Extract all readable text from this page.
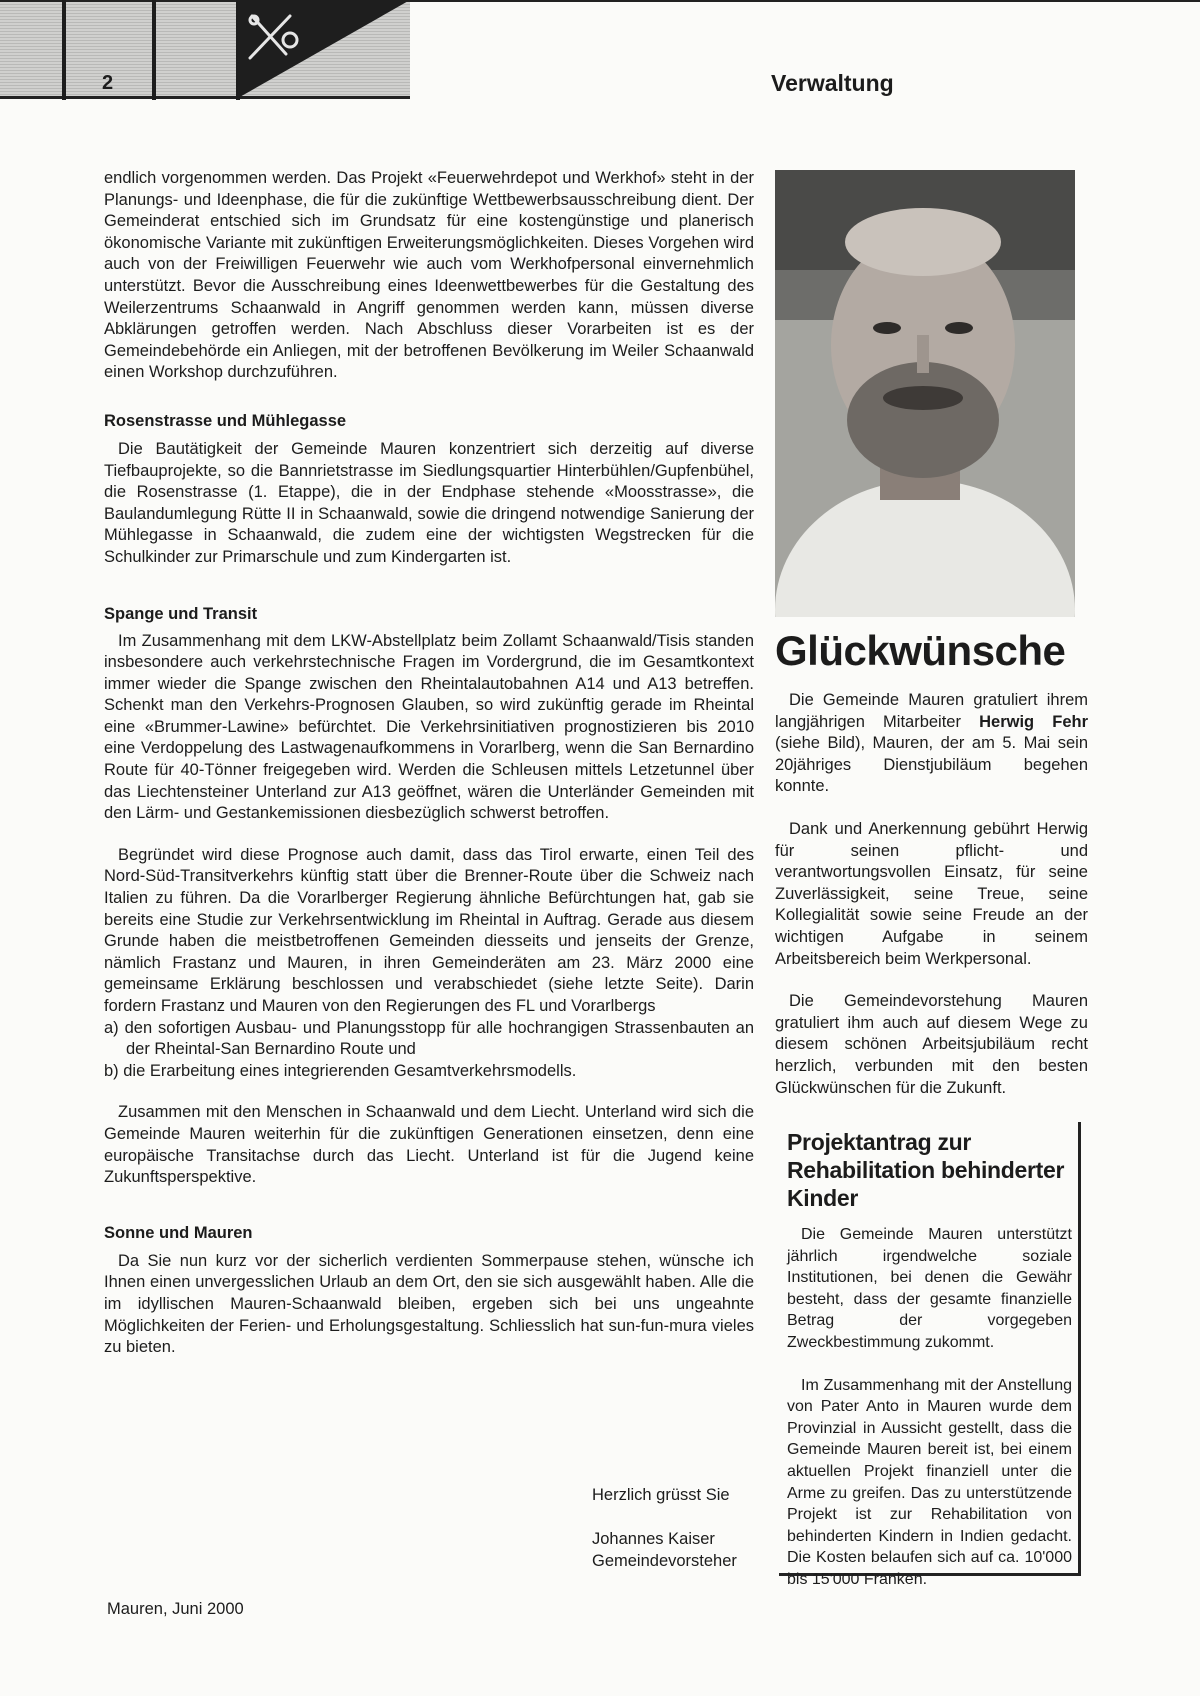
2	Verwaltung

endlich vorgenommen werden. Das Projekt «Feuerwehrdepot und Werkhof» steht in der Planungs- und Ideenphase, die für die zukünftige Wettbewerbsausschreibung dient. Der Gemeinderat entschied sich im Grundsatz für eine kostengünstige und planerisch ökonomische Variante mit zukünftigen Erweiterungsmöglichkeiten. Dieses Vorgehen wird auch von der Freiwilligen Feuerwehr wie auch vom Werkhofpersonal einvernehmlich unterstützt. Bevor die Ausschreibung eines Ideenwettbewerbes für die Gestaltung des Weilerzentrums Schaanwald in Angriff genommen werden kann, müssen diverse Abklärungen getroffen werden. Nach Abschluss dieser Vorarbeiten ist es der Gemeindebehörde ein Anliegen, mit der betroffenen Bevölkerung im Weiler Schaanwald einen Workshop durchzuführen.

Rosenstrasse und Mühlegasse

Die Bautätigkeit der Gemeinde Mauren konzentriert sich derzeitig auf diverse Tiefbauprojekte, so die Bannrietstrasse im Siedlungsquartier Hinterbühlen/Gupfenbühel, die Rosenstrasse (1. Etappe), die in der Endphase stehende «Moosstrasse», die Baulandumlegung Rütte II in Schaanwald, sowie die dringend notwendige Sanierung der Mühlegasse in Schaanwald, die zudem eine der wichtigsten Wegstrecken für die Schulkinder zur Primarschule und zum Kindergarten ist.

Spange und Transit

Im Zusammenhang mit dem LKW-Abstellplatz beim Zollamt Schaanwald/Tisis standen insbesondere auch verkehrstechnische Fragen im Vordergrund, die im Gesamtkontext immer wieder die Spange zwischen den Rheintalautobahnen A14 und A13 betreffen. Schenkt man den Verkehrs-Prognosen Glauben, so wird zukünftig gerade im Rheintal eine «Brummer-Lawine» befürchtet. Die Verkehrsinitiativen prognostizieren bis 2010 eine Verdoppelung des Lastwagenaufkommens in Vorarlberg, wenn die San Bernardino Route für 40-Tönner freigegeben wird. Werden die Schleusen mittels Letzetunnel über das Liechtensteiner Unterland zur A13 geöffnet, wären die Unterländer Gemeinden mit den Lärm- und Gestankemissionen diesbezüglich schwerst betroffen.

Begründet wird diese Prognose auch damit, dass das Tirol erwarte, einen Teil des Nord-Süd-Transitverkehrs künftig statt über die Brenner-Route über die Schweiz nach Italien zu führen. Da die Vorarlberger Regierung ähnliche Befürchtungen hat, gab sie bereits eine Studie zur Verkehrsentwicklung im Rheintal in Auftrag. Gerade aus diesem Grunde haben die meistbetroffenen Gemeinden diesseits und jenseits der Grenze, nämlich Frastanz und Mauren, in ihren Gemeinderäten am 23. März 2000 eine gemeinsame Erklärung beschlossen und verabschiedet (siehe letzte Seite). Darin fordern Frastanz und Mauren von den Regierungen des FL und Vorarlbergs

a) den sofortigen Ausbau- und Planungsstopp für alle hochrangigen Strassenbauten an der Rheintal-San Bernardino Route und
b) die Erarbeitung eines integrierenden Gesamtverkehrsmodells.

Zusammen mit den Menschen in Schaanwald und dem Liecht. Unterland wird sich die Gemeinde Mauren weiterhin für die zukünftigen Generationen einsetzen, denn eine europäische Transitachse durch das Liecht. Unterland ist für die Jugend keine Zukunftsperspektive.

Sonne und Mauren

Da Sie nun kurz vor der sicherlich verdienten Sommerpause stehen, wünsche ich Ihnen einen unvergesslichen Urlaub an dem Ort, den sie sich ausgewählt haben. Alle die im idyllischen Mauren-Schaanwald bleiben, ergeben sich bei uns ungeahnte Möglichkeiten der Ferien- und Erholungsgestaltung. Schliesslich hat sun-fun-mura vieles zu bieten.

Herzlich grüsst Sie
Johannes Kaiser
Gemeindevorsteher
Mauren, Juni 2000
Glückwünsche

Die Gemeinde Mauren gratuliert ihrem langjährigen Mitarbeiter Herwig Fehr (siehe Bild), Mauren, der am 5. Mai sein 20jähriges Dienstjubiläum begehen konnte.

Dank und Anerkennung gebührt Herwig für seinen pflicht- und verantwortungsvollen Einsatz, für seine Zuverlässigkeit, seine Treue, seine Kollegialität sowie seine Freude an der wichtigen Aufgabe in seinem Arbeitsbereich beim Werkpersonal.

Die Gemeindevorstehung Mauren gratuliert ihm auch auf diesem Wege zu diesem schönen Arbeitsjubiläum recht herzlich, verbunden mit den besten Glückwünschen für die Zukunft.

Projektantrag zur Rehabilitation behinderter Kinder

Die Gemeinde Mauren unterstützt jährlich irgendwelche soziale Institutionen, bei denen die Gewähr besteht, dass der gesamte finanzielle Betrag der vorgegeben Zweckbestimmung zukommt.

Im Zusammenhang mit der Anstellung von Pater Anto in Mauren wurde dem Provinzial in Aussicht gestellt, dass die Gemeinde Mauren bereit ist, bei einem aktuellen Projekt finanziell unter die Arme zu greifen. Das zu unterstützende Projekt ist zur Rehabilitation von behinderten Kindern in Indien gedacht. Die Kosten belaufen sich auf ca. 10'000 bis 15'000 Franken.
